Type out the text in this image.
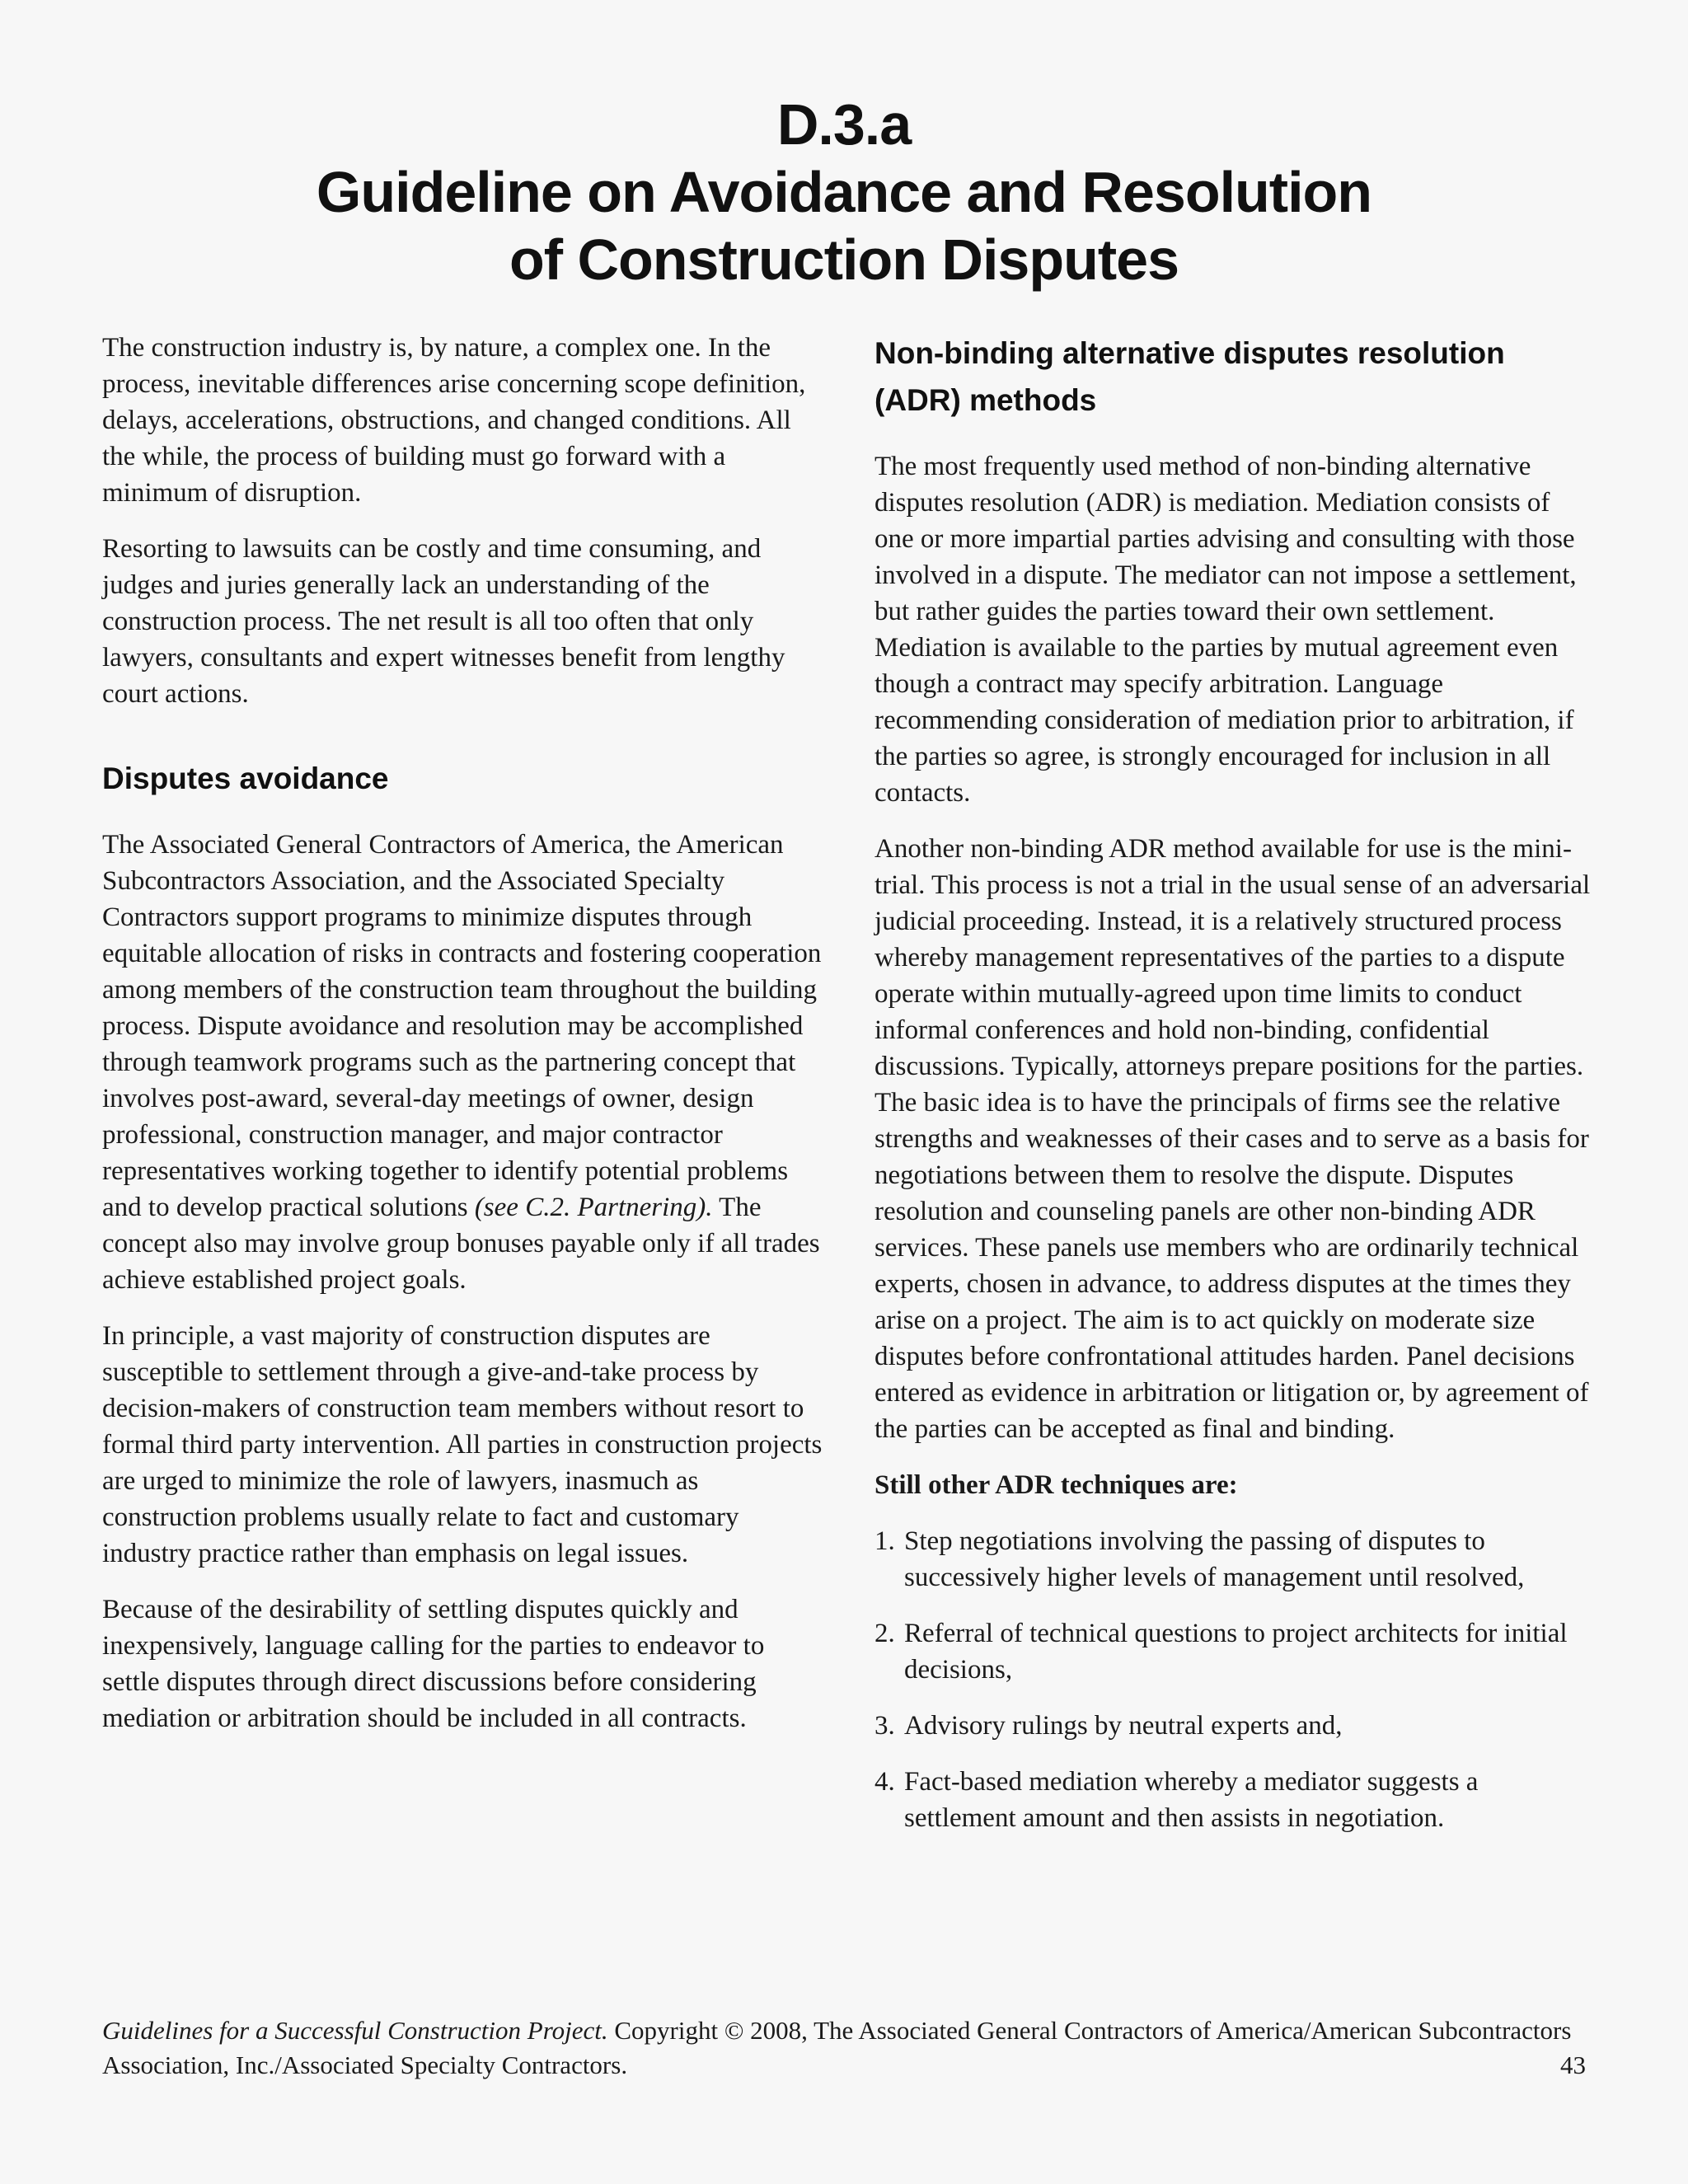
D.3.a
Guideline on Avoidance and Resolution
of Construction Disputes

The construction industry is, by nature, a complex one. In the process, inevitable differences arise concerning scope definition, delays, accelerations, obstructions, and changed conditions. All the while, the process of building must go forward with a minimum of disruption.

Resorting to lawsuits can be costly and time consuming, and judges and juries generally lack an understanding of the construction process. The net result is all too often that only lawyers, consultants and expert witnesses benefit from lengthy court actions.

Disputes avoidance

The Associated General Contractors of America, the American Subcontractors Association, and the Associated Specialty Contractors support programs to minimize disputes through equitable allocation of risks in contracts and fostering cooperation among members of the construction team throughout the building process. Dispute avoidance and resolution may be accomplished through teamwork programs such as the partnering concept that involves post-award, several-day meetings of owner, design professional, construction manager, and major contractor representatives working together to identify potential problems and to develop practical solutions (see C.2. Partnering). The concept also may involve group bonuses payable only if all trades achieve established project goals.

In principle, a vast majority of construction disputes are susceptible to settlement through a give-and-take process by decision-makers of construction team members without resort to formal third party intervention. All parties in construction projects are urged to minimize the role of lawyers, inasmuch as construction problems usually relate to fact and customary industry practice rather than emphasis on legal issues.

Because of the desirability of settling disputes quickly and inexpensively, language calling for the parties to endeavor to settle disputes through direct discussions before considering mediation or arbitration should be included in all contracts.

Non-binding alternative disputes resolution (ADR) methods

The most frequently used method of non-binding alternative disputes resolution (ADR) is mediation. Mediation consists of one or more impartial parties advising and consulting with those involved in a dispute. The mediator can not impose a settlement, but rather guides the parties toward their own settlement. Mediation is available to the parties by mutual agreement even though a contract may specify arbitration. Language recommending consideration of mediation prior to arbitration, if the parties so agree, is strongly encouraged for inclusion in all contacts.

Another non-binding ADR method available for use is the mini-trial. This process is not a trial in the usual sense of an adversarial judicial proceeding. Instead, it is a relatively structured process whereby management representatives of the parties to a dispute operate within mutually-agreed upon time limits to conduct informal conferences and hold non-binding, confidential discussions. Typically, attorneys prepare positions for the parties. The basic idea is to have the principals of firms see the relative strengths and weaknesses of their cases and to serve as a basis for negotiations between them to resolve the dispute. Disputes resolution and counseling panels are other non-binding ADR services. These panels use members who are ordinarily technical experts, chosen in advance, to address disputes at the times they arise on a project. The aim is to act quickly on moderate size disputes before confrontational attitudes harden. Panel decisions entered as evidence in arbitration or litigation or, by agreement of the parties can be accepted as final and binding.

Still other ADR techniques are:
1. Step negotiations involving the passing of disputes to successively higher levels of management until resolved,
2. Referral of technical questions to project architects for initial decisions,
3. Advisory rulings by neutral experts and,
4. Fact-based mediation whereby a mediator suggests a settlement amount and then assists in negotiation.
Guidelines for a Successful Construction Project. Copyright © 2008, The Associated General Contractors of America/American Subcontractors Association, Inc./Associated Specialty Contractors.	43
